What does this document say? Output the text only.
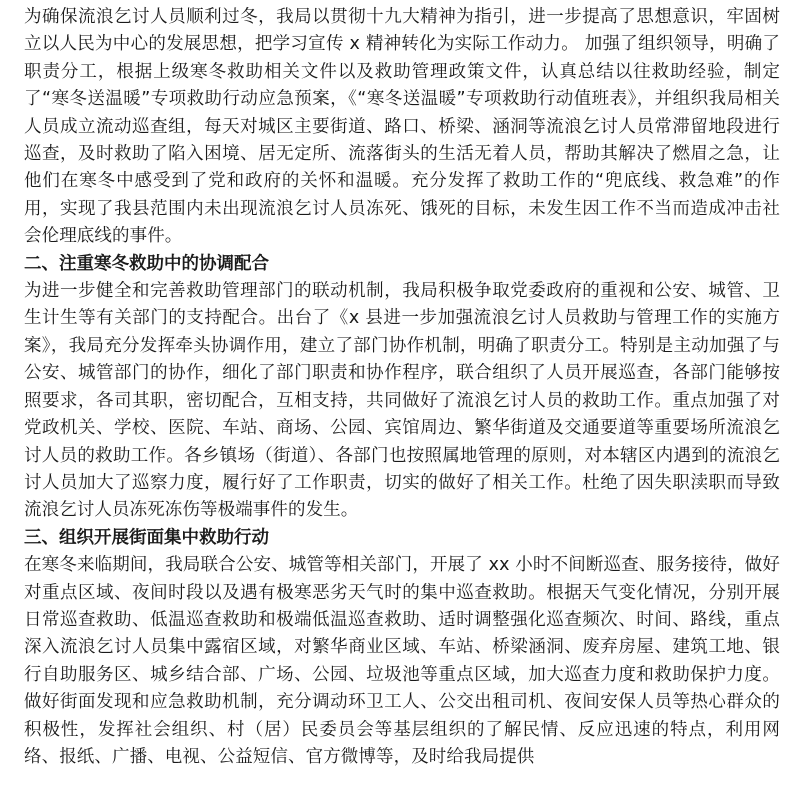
为确保流浪乞讨人员顺利过冬，我局以贯彻十九大精神为指引，进一步提高了思想意识，牢固树立以人民为中心的发展思想，把学习宣传 x 精神转化为实际工作动力。 加强了组织领导，明确了职责分工，根据上级寒冬救助相关文件以及救助管理政策文件，认真总结以往救助经验，制定了“寒冬送温暖”专项救助行动应急预案，《“寒冬送温暖”专项救助行动值班表》，并组织我局相关人员成立流动巡查组，每天对城区主要街道、路口、桥梁、涵洞等流浪乞讨人员常滞留地段进行巡查，及时救助了陷入困境、居无定所、流落街头的生活无着人员，帮助其解决了燃眉之急，让他们在寒冬中感受到了党和政府的关怀和温暖。充分发挥了救助工作的“兜底线、救急难”的作用，实现了我县范围内未出现流浪乞讨人员冻死、饿死的目标，未发生因工作不当而造成冲击社会伦理底线的事件。

二、注重寒冬救助中的协调配合

为进一步健全和完善救助管理部门的联动机制，我局积极争取党委政府的重视和公安、城管、卫生计生等有关部门的支持配合。出台了《x 县进一步加强流浪乞讨人员救助与管理工作的实施方案》，我局充分发挥牵头协调作用，建立了部门协作机制，明确了职责分工。特别是主动加强了与公安、城管部门的协作，细化了部门职责和协作程序，联合组织了人员开展巡查，各部门能够按照要求，各司其职，密切配合，互相支持，共同做好了流浪乞讨人员的救助工作。重点加强了对党政机关、学校、医院、车站、商场、公园、宾馆周边、繁华街道及交通要道等重要场所流浪乞讨人员的救助工作。各乡镇场（街道）、各部门也按照属地管理的原则，对本辖区内遇到的流浪乞讨人员加大了巡察力度，履行好了工作职责，切实的做好了相关工作。杜绝了因失职渎职而导致流浪乞讨人员冻死冻伤等极端事件的发生。

三、组织开展街面集中救助行动

在寒冬来临期间，我局联合公安、城管等相关部门，开展了 xx 小时不间断巡查、服务接待，做好对重点区域、夜间时段以及遇有极寒恶劣天气时的集中巡查救助。根据天气变化情况，分别开展日常巡查救助、低温巡查救助和极端低温巡查救助、适时调整强化巡查频次、时间、路线，重点深入流浪乞讨人员集中露宿区域，对繁华商业区域、车站、桥梁涵洞、废弃房屋、建筑工地、银行自助服务区、城乡结合部、广场、公园、垃圾池等重点区域，加大巡查力度和救助保护力度。做好街面发现和应急救助机制，充分调动环卫工人、公交出租司机、夜间安保人员等热心群众的积极性，发挥社会组织、村（居）民委员会等基层组织的了解民情、反应迅速的特点，利用网络、报纸、广播、电视、公益短信、官方微博等，及时给我局提供
